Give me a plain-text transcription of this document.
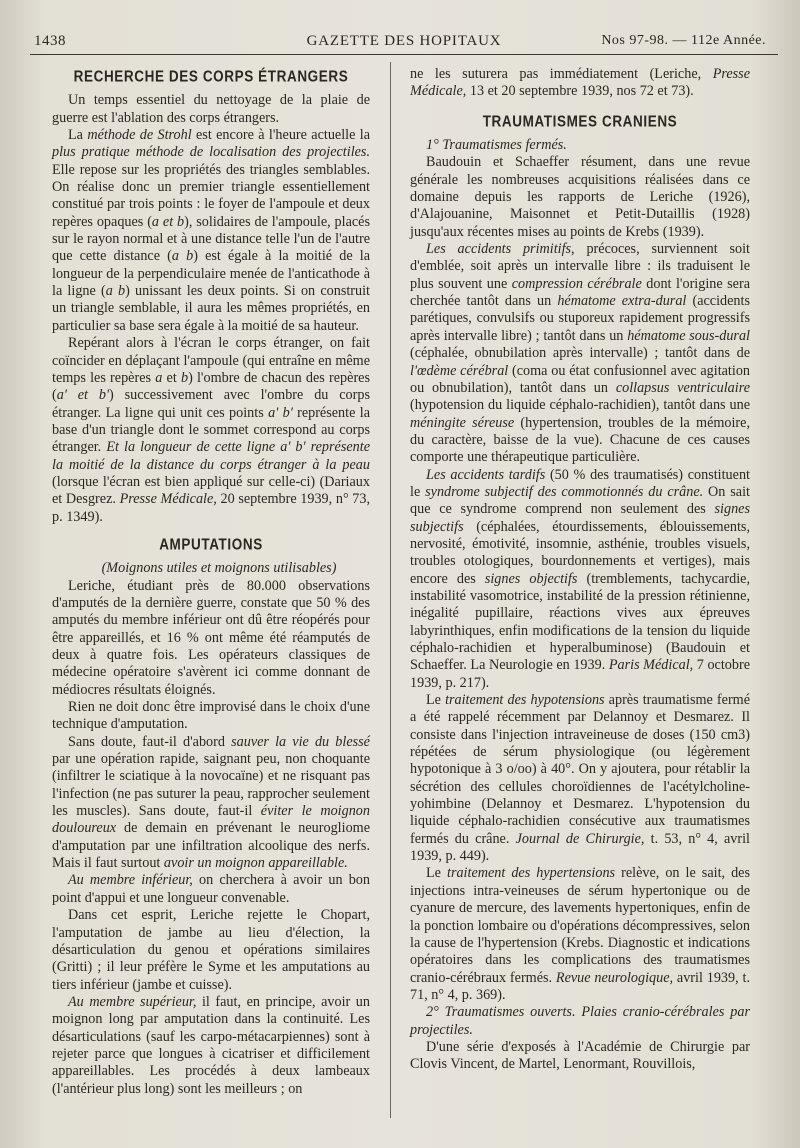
1438	GAZETTE DES HOPITAUX	Nos 97-98. — 112e Année.
RECHERCHE DES CORPS ÉTRANGERS

Un temps essentiel du nettoyage de la plaie de guerre est l'ablation des corps étrangers.

La méthode de Strohl est encore à l'heure actuelle la plus pratique méthode de localisation des projectiles. Elle repose sur les propriétés des triangles semblables. On réalise donc un premier triangle essentiellement constitué par trois points : le foyer de l'ampoule et deux repères opaques (a et b), solidaires de l'ampoule, placés sur le rayon normal et à une distance telle l'un de l'autre que cette distance (a b) est égale à la moitié de la longueur de la perpendiculaire menée de l'anticathode à la ligne (a b) unissant les deux points. Si on construit un triangle semblable, il aura les mêmes propriétés, en particulier sa base sera égale à la moitié de sa hauteur.

Repérant alors à l'écran le corps étranger, on fait coïncider en déplaçant l'ampoule (qui entraîne en même temps les repères a et b) l'ombre de chacun des repères (a' et b') successivement avec l'ombre du corps étranger. La ligne qui unit ces points a' b' représente la base d'un triangle dont le sommet correspond au corps étranger. Et la longueur de cette ligne a' b' représente la moitié de la distance du corps étranger à la peau (lorsque l'écran est bien appliqué sur celle-ci) (Dariaux et Desgrez. Presse Médicale, 20 septembre 1939, n° 73, p. 1349).

AMPUTATIONS

(Moignons utiles et moignons utilisables)

Leriche, étudiant près de 80.000 observations d'amputés de la dernière guerre, constate que 50 % des amputés du membre inférieur ont dû être réopérés pour être appareillés, et 16 % ont même été réamputés de deux à quatre fois. Les opérateurs classiques de médecine opératoire s'avèrent ici comme donnant de médiocres résultats éloignés.

Rien ne doit donc être improvisé dans le choix d'une technique d'amputation.

Sans doute, faut-il d'abord sauver la vie du blessé par une opération rapide, saignant peu, non choquante (infiltrer le sciatique à la novocaïne) et ne risquant pas l'infection (ne pas suturer la peau, rapprocher seulement les muscles). Sans doute, faut-il éviter le moignon douloureux de demain en prévenant le neurogliome d'amputation par une infiltration alcoolique des nerfs. Mais il faut surtout avoir un moignon appareillable.

Au membre inférieur, on cherchera à avoir un bon point d'appui et une longueur convenable.

Dans cet esprit, Leriche rejette le Chopart, l'amputation de jambe au lieu d'élection, la désarticulation du genou et opérations similaires (Gritti) ; il leur préfère le Syme et les amputations au tiers inférieur (jambe et cuisse).

Au membre supérieur, il faut, en principe, avoir un moignon long par amputation dans la continuité. Les désarticulations (sauf les carpo-métacarpiennes) sont à rejeter parce que longues à cicatriser et difficilement appareillables. Les procédés à deux lambeaux (l'antérieur plus long) sont les meilleurs ; on

ne les suturera pas immédiatement (Leriche, Presse Médicale, 13 et 20 septembre 1939, nos 72 et 73).

TRAUMATISMES CRANIENS

1° Traumatismes fermés.

Baudouin et Schaeffer résument, dans une revue générale les nombreuses acquisitions réalisées dans ce domaine depuis les rapports de Leriche (1926), d'Alajouanine, Maisonnet et Petit-Dutaillis (1928) jusqu'aux récentes mises au points de Krebs (1939).

Les accidents primitifs, précoces, surviennent soit d'emblée, soit après un intervalle libre : ils traduisent le plus souvent une compression cérébrale dont l'origine sera cherchée tantôt dans un hématome extra-dural (accidents parétiques, convulsifs ou stuporeux rapidement progressifs après intervalle libre) ; tantôt dans un hématome sous-dural (céphalée, obnubilation après intervalle) ; tantôt dans de l'œdème cérébral (coma ou état confusionnel avec agitation ou obnubilation), tantôt dans un collapsus ventriculaire (hypotension du liquide céphalo-rachidien), tantôt dans une méningite séreuse (hypertension, troubles de la mémoire, du caractère, baisse de la vue). Chacune de ces causes comporte une thérapeutique particulière.

Les accidents tardifs (50 % des traumatisés) constituent le syndrome subjectif des commotionnés du crâne. On sait que ce syndrome comprend non seulement des signes subjectifs (céphalées, étourdissements, éblouissements, nervosité, émotivité, insomnie, asthénie, troubles visuels, troubles otologiques, bourdonnements et vertiges), mais encore des signes objectifs (tremblements, tachycardie, instabilité vasomotrice, instabilité de la pression rétinienne, inégalité pupillaire, réactions vives aux épreuves labyrinthiques, enfin modifications de la tension du liquide céphalo-rachidien et hyperalbuminose) (Baudouin et Schaeffer. La Neurologie en 1939. Paris Médical, 7 octobre 1939, p. 217).

Le traitement des hypotensions après traumatisme fermé a été rappelé récemment par Delannoy et Desmarez. Il consiste dans l'injection intraveineuse de doses (150 cm3) répétées de sérum physiologique (ou légèrement hypotonique à 3 o/oo) à 40°. On y ajoutera, pour rétablir la sécrétion des cellules choroïdiennes de l'acétylcholine-yohimbine (Delannoy et Desmarez. L'hypotension du liquide céphalo-rachidien consécutive aux traumatismes fermés du crâne. Journal de Chirurgie, t. 53, n° 4, avril 1939, p. 449).

Le traitement des hypertensions relève, on le sait, des injections intra-veineuses de sérum hypertonique ou de cyanure de mercure, des lavements hypertoniques, enfin de la ponction lombaire ou d'opérations décompressives, selon la cause de l'hypertension (Krebs. Diagnostic et indications opératoires dans les complications des traumatismes cranio-cérébraux fermés. Revue neurologique, avril 1939, t. 71, n° 4, p. 369).

2° Traumatismes ouverts. Plaies cranio-cérébrales par projectiles.

D'une série d'exposés à l'Académie de Chirurgie par Clovis Vincent, de Martel, Lenormant, Rouvillois,
